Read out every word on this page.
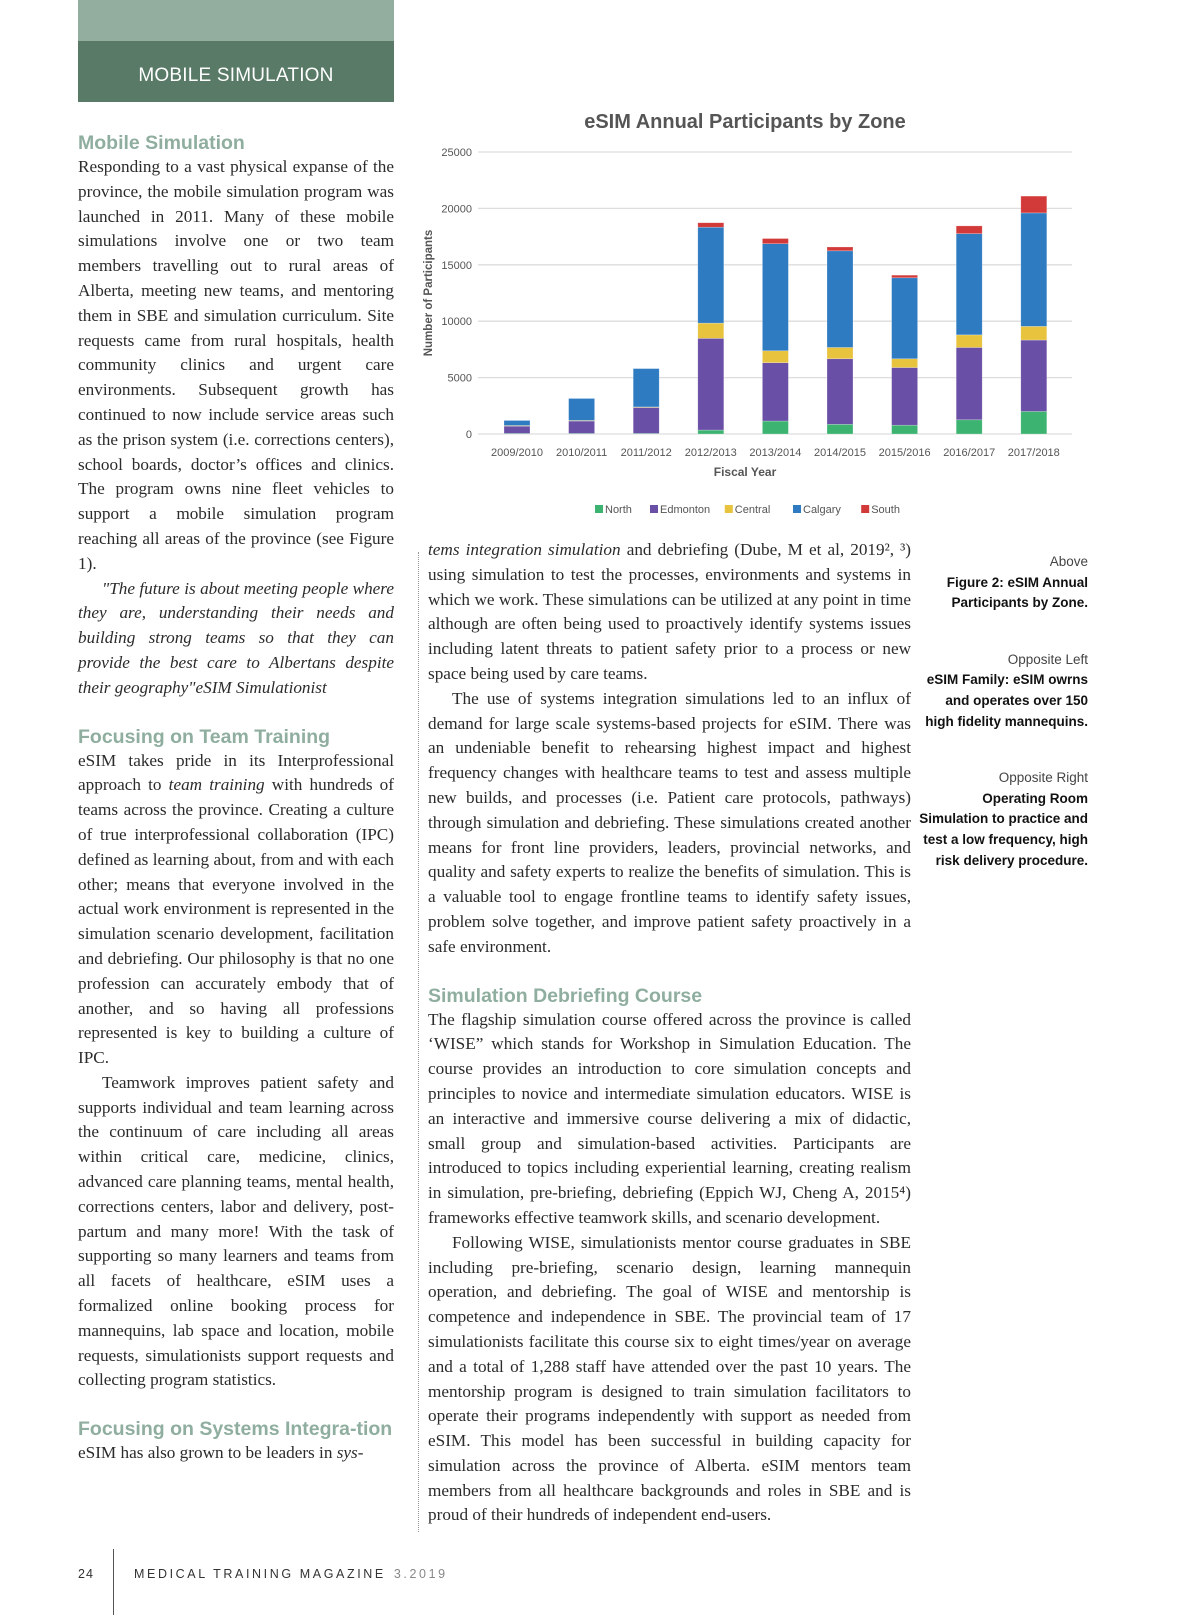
MOBILE SIMULATION
eSIM Annual Participants by Zone
0
5000
10000
15000
20000
25000
2009/2010 2010/2011 2011/2012 2012/2013 2013/2014 2014/2015 2015/2016 2016/2017 2017/2018
Fiscal Year
Number of Participants
North	Edmonton Central	Calgary	South
Mobile Simulation

Responding to a vast physical expanse of the province, the mobile simulation program was launched in 2011. Many of these mobile simulations involve one or two team members travelling out to rural areas of Alberta, meeting new teams, and mentoring them in SBE and simulation curriculum. Site requests came from rural hospitals, health community clinics and urgent care environments. Subsequent growth has continued to now include service areas such as the prison system (i.e. corrections centers), school boards, doctor’s offices and clinics. The program owns nine fleet vehicles to support a mobile simulation program reaching all areas of the province (see Figure 1).

"The future is about meeting people where they are, understanding their needs and building strong teams so that they can provide the best care to Albertans despite their geography"eSIM Simulationist

Focusing on Team Training

eSIM takes pride in its Interprofessional approach to team training with hundreds of teams across the province. Creating a culture of true interprofessional collaboration (IPC) defined as learning about, from and with each other; means that everyone involved in the actual work environment is represented in the simulation scenario development, facilitation and debriefing. Our philosophy is that no one profession can accurately embody that of another, and so having all professions represented is key to building a culture of IPC.

Teamwork improves patient safety and supports individual and team learning across the continuum of care including all areas within critical care, medicine, clinics, advanced care planning teams, mental health, corrections centers, labor and delivery, post-partum and many more! With the task of supporting so many learners and teams from all facets of healthcare, eSIM uses a formalized online booking process for mannequins, lab space and location, mobile requests, simulationists support requests and collecting program statistics.

Focusing on Systems Integra-tion

eSIM has also grown to be leaders in sys-

tems integration simulation and debriefing (Dube, M et al, 2019², ³) using simulation to test the processes, environments and systems in which we work. These simulations can be utilized at any point in time although are often being used to proactively identify systems issues including latent threats to patient safety prior to a process or new space being used by care teams.

The use of systems integration simulations led to an influx of demand for large scale systems-based projects for eSIM. There was an undeniable benefit to rehearsing highest impact and highest frequency changes with healthcare teams to test and assess multiple new builds, and processes (i.e. Patient care protocols, pathways) through simulation and debriefing. These simulations created another means for front line providers, leaders, provincial networks, and quality and safety experts to realize the benefits of simulation. This is a valuable tool to engage frontline teams to identify safety issues, problem solve together, and improve patient safety proactively in a safe environment.

Simulation Debriefing Course

The flagship simulation course offered across the province is called ‘WISE” which stands for Workshop in Simulation Education. The course provides an introduction to core simulation concepts and principles to novice and intermediate simulation educators. WISE is an interactive and immersive course delivering a mix of didactic, small group and simulation-based activities. Participants are introduced to topics including experiential learning, creating realism in simulation, pre-briefing, debriefing (Eppich WJ, Cheng A, 2015⁴) frameworks effective teamwork skills, and scenario development.

Following WISE, simulationists mentor course graduates in SBE including pre-briefing, scenario design, learning mannequin operation, and debriefing. The goal of WISE and mentorship is competence and independence in SBE. The provincial team of 17 simulationists facilitate this course six to eight times/year on average and a total of 1,288 staff have attended over the past 10 years. The mentorship program is designed to train simulation facilitators to operate their programs independently with support as needed from eSIM. This model has been successful in building capacity for simulation across the province of Alberta. eSIM mentors team members from all healthcare backgrounds and roles in SBE and is proud of their hundreds of independent end-users.

Above
Figure 2: eSIM Annual Participants by Zone.
Opposite Left
eSIM Family: eSIM owrns and operates over 150 high fidelity mannequins.
Opposite Right
Operating Room Simulation to practice and test a low frequency, high risk delivery procedure.
24	MEDICAL TRAINING MAGAZINE 3.2019
